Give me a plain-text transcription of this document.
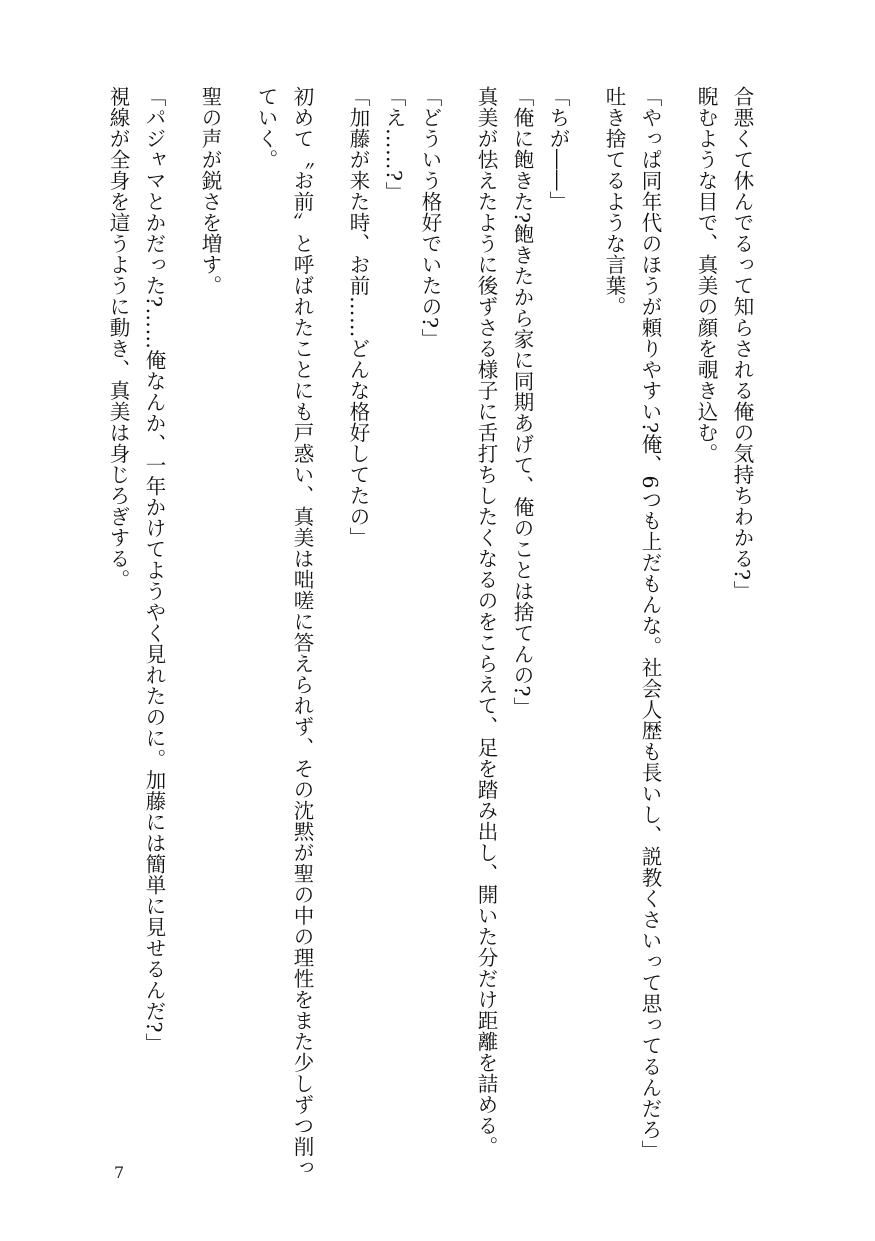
合悪くて休んでるって知らされる俺の気持ちわかる?」
睨むような目で、真美の顔を覗き込む。
「やっぱ同年代のほうが頼りやすい?俺、6つも上だもんな。社会人歴も長いし、説教くさいって思ってるんだろ」
吐き捨てるような言葉。
「ちが――」
「俺に飽きた?飽きたから家に同期あげて、俺のことは捨てんの?」
真美が怯えたように後ずさる様子に舌打ちしたくなるのをこらえて、足を踏み出し、開いた分だけ距離を詰める。
「どういう格好でいたの?」
「え……?」
「加藤が来た時、お前……どんな格好してたの」
初めて〝お前〟と呼ばれたことにも戸惑い、真美は咄嗟に答えられず、その沈黙が聖の中の理性をまた少しずつ削っ
ていく。
聖の声が鋭さを増す。
「パジャマとかだった?……俺なんか、一年かけてようやく見れたのに。加藤には簡単に見せるんだ?」
視線が全身を這うように動き、真美は身じろぎする。
7
